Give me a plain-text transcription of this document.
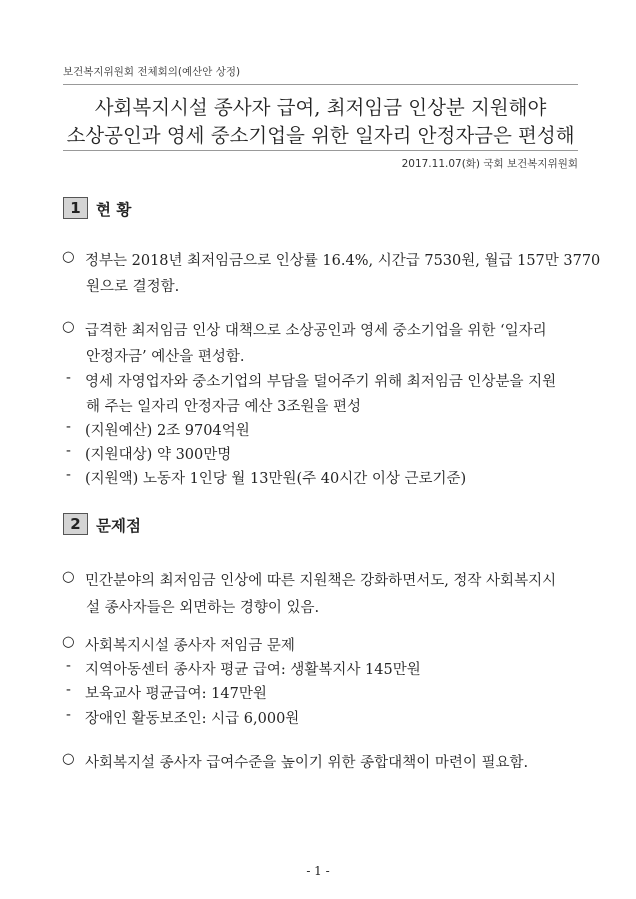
보건복지위원회 전체회의(예산안 상정)
사회복지시설 종사자 급여, 최저임금 인상분 지원해야
소상공인과 영세 중소기업을 위한 일자리 안정자금은 편성해
2017.11.07(화) 국회 보건복지위원회
1 현 황
○ 정부는 2018년 최저임금으로 인상률 16.4%, 시간급 7530원, 월급 157만 3770
원으로 결정함.
○ 급격한 최저임금 인상 대책으로 소상공인과 영세 중소기업을 위한 ‘일자리
안정자금’ 예산을 편성함.
- 영세 자영업자와 중소기업의 부담을 덜어주기 위해 최저임금 인상분을 지원
해 주는 일자리 안정자금 예산 3조원을 편성
- (지원예산) 2조 9704억원
- (지원대상) 약 300만명
- (지원액) 노동자 1인당 월 13만원(주 40시간 이상 근로기준)
2 문제점
○ 민간분야의 최저임금 인상에 따른 지원책은 강화하면서도, 정작 사회복지시
설 종사자들은 외면하는 경향이 있음.
○ 사회복지시설 종사자 저임금 문제
- 지역아동센터 종사자 평균 급여: 생활복지사 145만원
- 보육교사 평균급여: 147만원
- 장애인 활동보조인: 시급 6,000원
○ 사회복지설 종사자 급여수준을 높이기 위한 종합대책이 마련이 필요함.
- 1 -
